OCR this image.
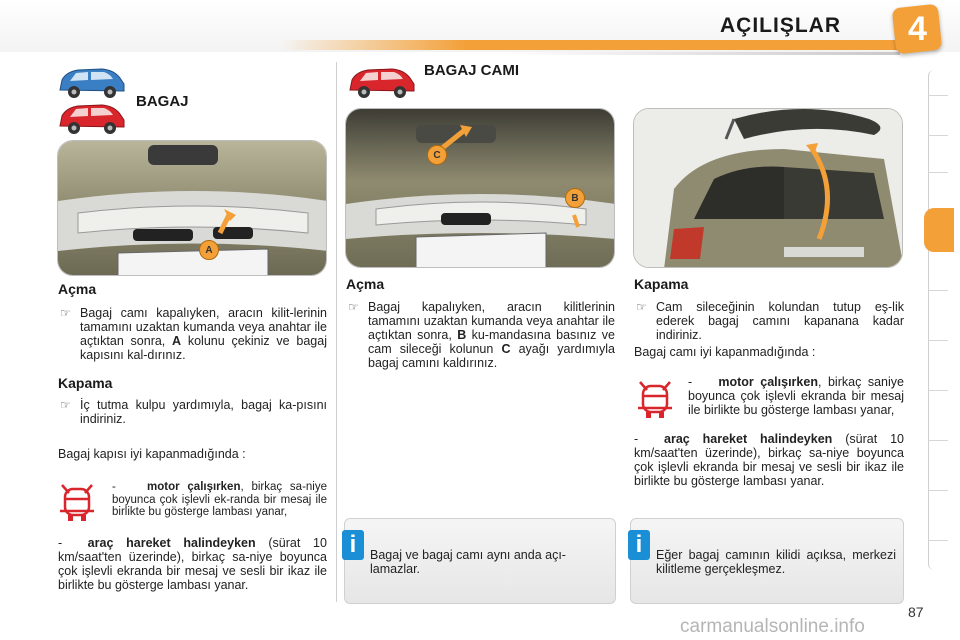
AÇILIŞLAR 4
BAGAJ
A
Açma
☞ Bagaj camı kapalıyken, aracın kilit-lerinin tamamını uzaktan kumanda veya anahtar ile açtıktan sonra, A kolunu çekiniz ve bagaj kapısını kal-dırınız.
Kapama
☞ İç tutma kulpu yardımıyla, bagaj ka-pısını indiriniz.
Bagaj kapısı iyi kapanmadığında :
-	motor çalışırken, birkaç sa-niye boyunca çok işlevli ek-randa bir mesaj ile birlikte bu gösterge lambası yanar,
- araç hareket halindeyken (sürat 10 km/saat'ten üzerinde), birkaç sa-niye boyunca çok işlevli ekranda bir mesaj ve sesli bir ikaz ile birlikte bu gösterge lambası yanar.
BAGAJ CAMI
C
B
Açma
☞ Bagaj kapalıyken, aracın kilitlerinin tamamını uzaktan kumanda veya anahtar ile açtıktan sonra, B ku-mandasına basınız ve cam sileceği kolunun C ayağı yardımıyla bagaj camını kaldırınız.
Kapama
☞ Cam sileceğinin kolundan tutup eş-lik ederek bagaj camını kapanana kadar indiriniz.
Bagaj camı iyi kapanmadığında :
- motor çalışırken, birkaç saniye boyunca çok işlevli ekranda bir mesaj ile birlikte bu gösterge lambası yanar,
- araç hareket halindeyken (sürat 10 km/saat'ten üzerinde), birkaç sa-niye boyunca çok işlevli ekranda bir mesaj ve sesli bir ikaz ile birlikte bu gösterge lambası yanar.
i	Bagaj ve bagaj camı aynı anda açı-lamazlar.
i	Eğer bagaj camının kilidi açıksa, merkezi kilitleme gerçekleşmez.
87
carmanualsonline.info
